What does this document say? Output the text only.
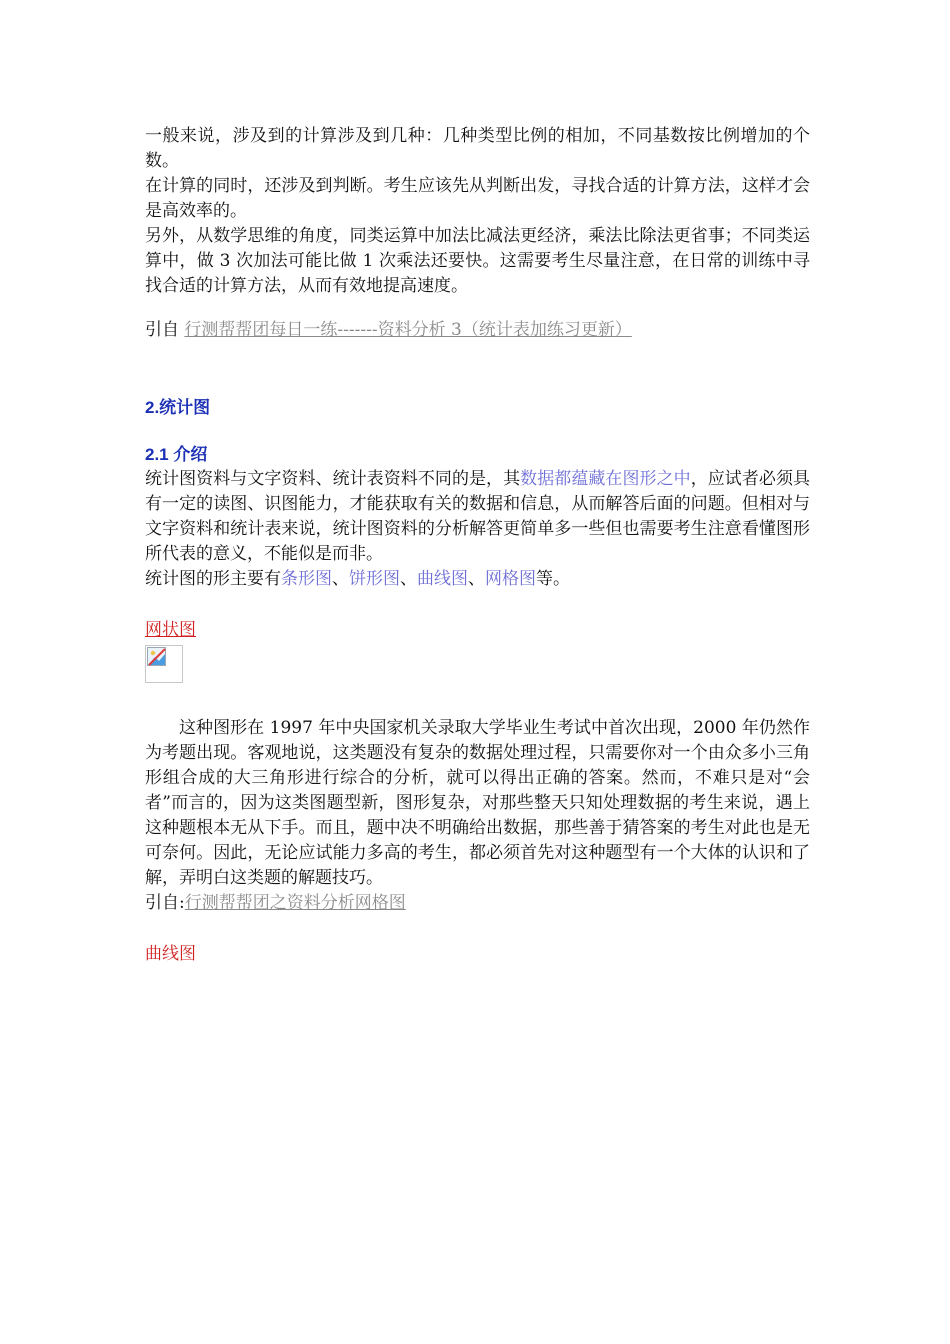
一般来说，涉及到的计算涉及到几种：几种类型比例的相加，不同基数按比例增加的个数。

在计算的同时，还涉及到判断。考生应该先从判断出发，寻找合适的计算方法，这样才会是高效率的。

另外，从数学思维的角度，同类运算中加法比减法更经济，乘法比除法更省事；不同类运算中，做 3 次加法可能比做 1 次乘法还要快。这需要考生尽量注意，在日常的训练中寻找合适的计算方法，从而有效地提高速度。

引自 行测帮帮团每日一练-------资料分析 3（统计表加练习更新）

2.统计图

2.1 介绍

统计图资料与文字资料、统计表资料不同的是，其数据都蕴藏在图形之中，应试者必须具有一定的读图、识图能力，才能获取有关的数据和信息，从而解答后面的问题。但相对与文字资料和统计表来说，统计图资料的分析解答更简单多一些但也需要考生注意看懂图形所代表的意义，不能似是而非。

统计图的形主要有条形图、饼形图、曲线图、网格图等。

网状图

这种图形在 1997 年中央国家机关录取大学毕业生考试中首次出现，2000 年仍然作为考题出现。客观地说，这类题没有复杂的数据处理过程，只需要你对一个由众多小三角形组合成的大三角形进行综合的分析，就可以得出正确的答案。然而，不难只是对“会者”而言的，因为这类图题型新，图形复杂，对那些整天只知处理数据的考生来说，遇上这种题根本无从下手。而且，题中决不明确给出数据，那些善于猜答案的考生对此也是无可奈何。因此，无论应试能力多高的考生，都必须首先对这种题型有一个大体的认识和了解，弄明白这类题的解题技巧。

引自:行测帮帮团之资料分析网格图

曲线图
